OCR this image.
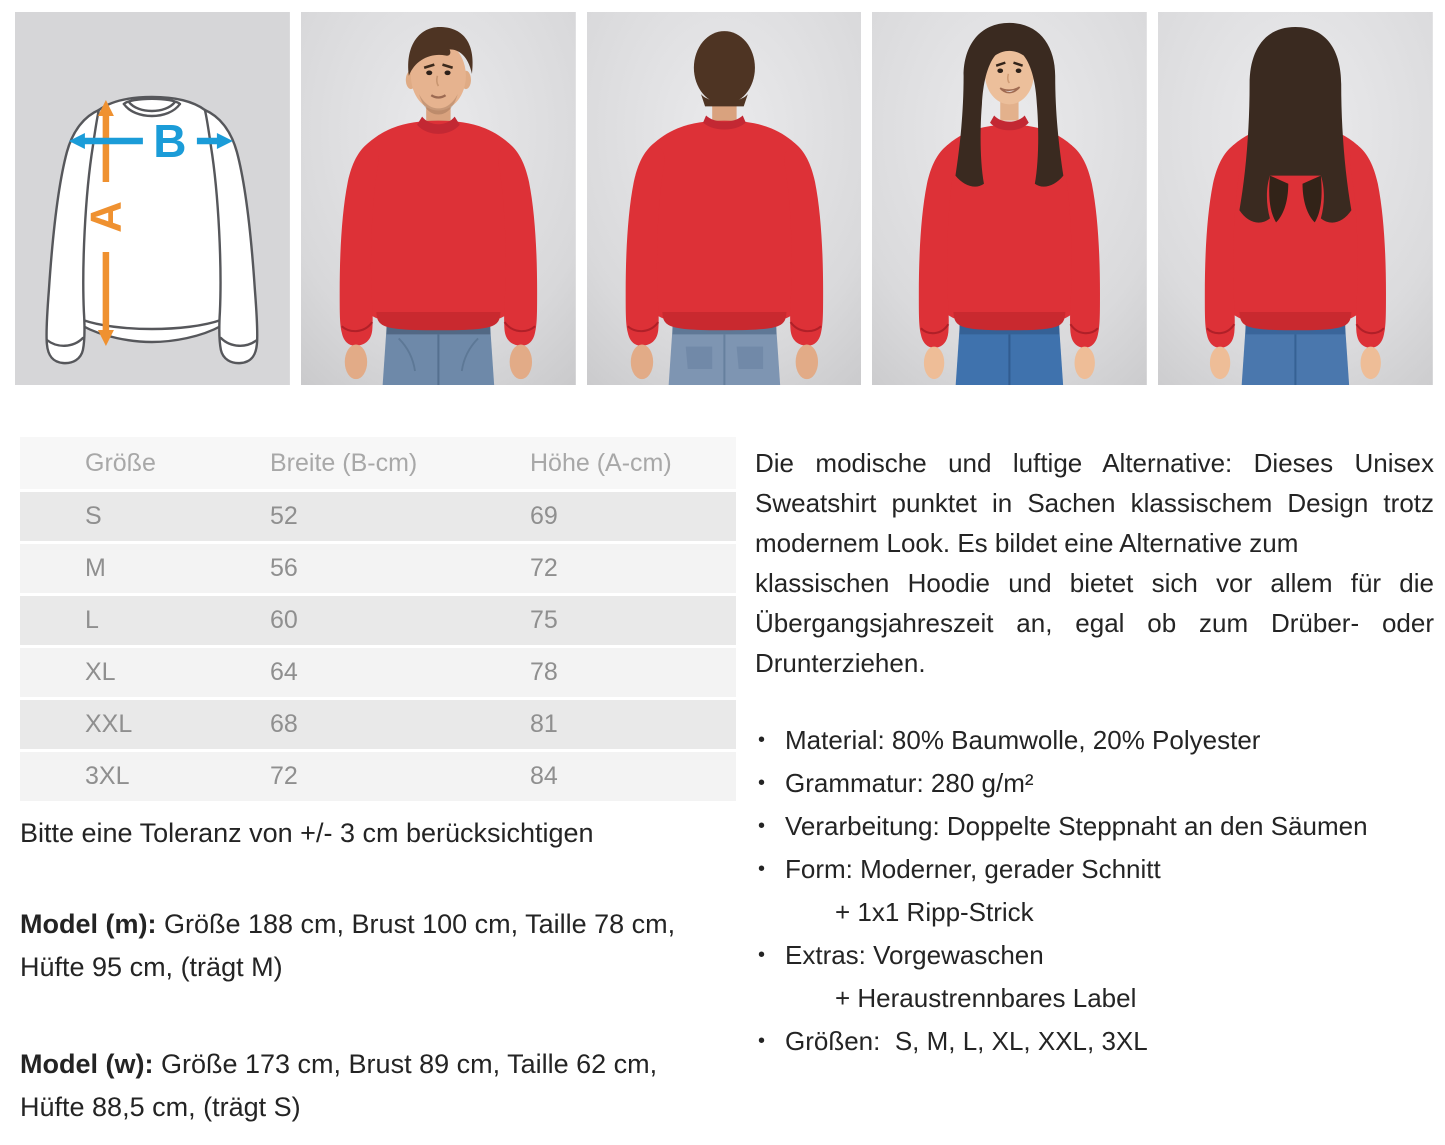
A
B
Größe	Breite (B-cm)	Höhe (A-cm)
S	52	69
M	56	72
L	60	75
XL	64	78
XXL	68	81
3XL	72	84
Bitte eine Toleranz von +/- 3 cm berücksichtigen
Model (m): Größe 188 cm, Brust 100 cm, Taille 78 cm, Hüfte 95 cm, (trägt M)
Model (w): Größe 173 cm, Brust 89 cm, Taille 62 cm, Hüfte 88,5 cm, (trägt S)
Die modische und luftige Alternative: Dieses Unisex
Sweatshirt punktet in Sachen klassischem Design trotz
modernem Look. Es bildet eine Alternative zum
klassischen Hoodie und bietet sich vor allem für die
Übergangsjahreszeit an, egal ob zum Drüber- oder
Drunterziehen.
• Material: 80% Baumwolle, 20% Polyester
• Grammatur: 280 g/m²
• Verarbeitung: Doppelte Steppnaht an den Säumen
• Form: Moderner, gerader Schnitt
+ 1x1 Ripp-Strick
• Extras: Vorgewaschen
+ Heraustrennbares Label
• Größen:  S, M, L, XL, XXL, 3XL
